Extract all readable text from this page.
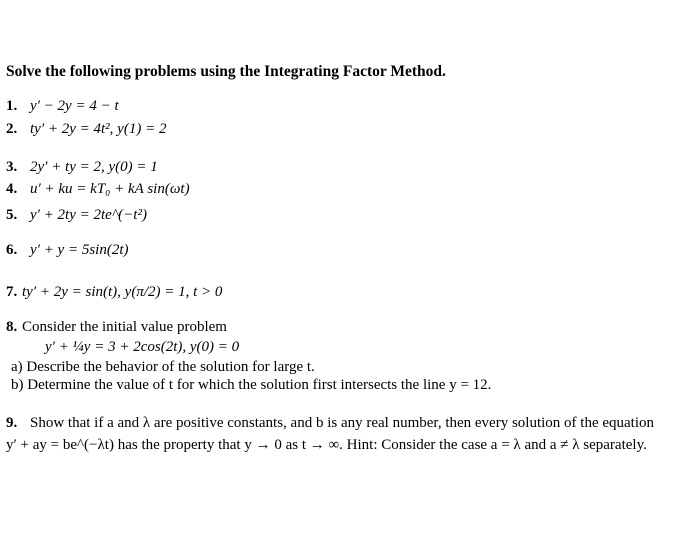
Solve the following problems using the Integrating Factor Method.
1. y′ − 2y = 4 − t
2. ty′ + 2y = 4t², y(1) = 2
3. 2y′ + ty = 2, y(0) = 1
4. u′ + ku = kT₀ + kA sin(ωt)
5. y′ + 2ty = 2te^(−t²)
6. y′ + y = 5sin(2t)
7. ty′ + 2y = sin(t), y(π/2) = 1, t > 0
8. Consider the initial value problem
y′ + ¼y = 3 + 2cos(2t), y(0) = 0
a) Describe the behavior of the solution for large t.
b) Determine the value of t for which the solution first intersects the line y = 12.
9. Show that if a and λ are positive constants, and b is any real number, then every solution of the equation
y′ + ay = be^(−λt) has the property that y → 0 as t → ∞. Hint: Consider the case a = λ and a ≠ λ separately.
